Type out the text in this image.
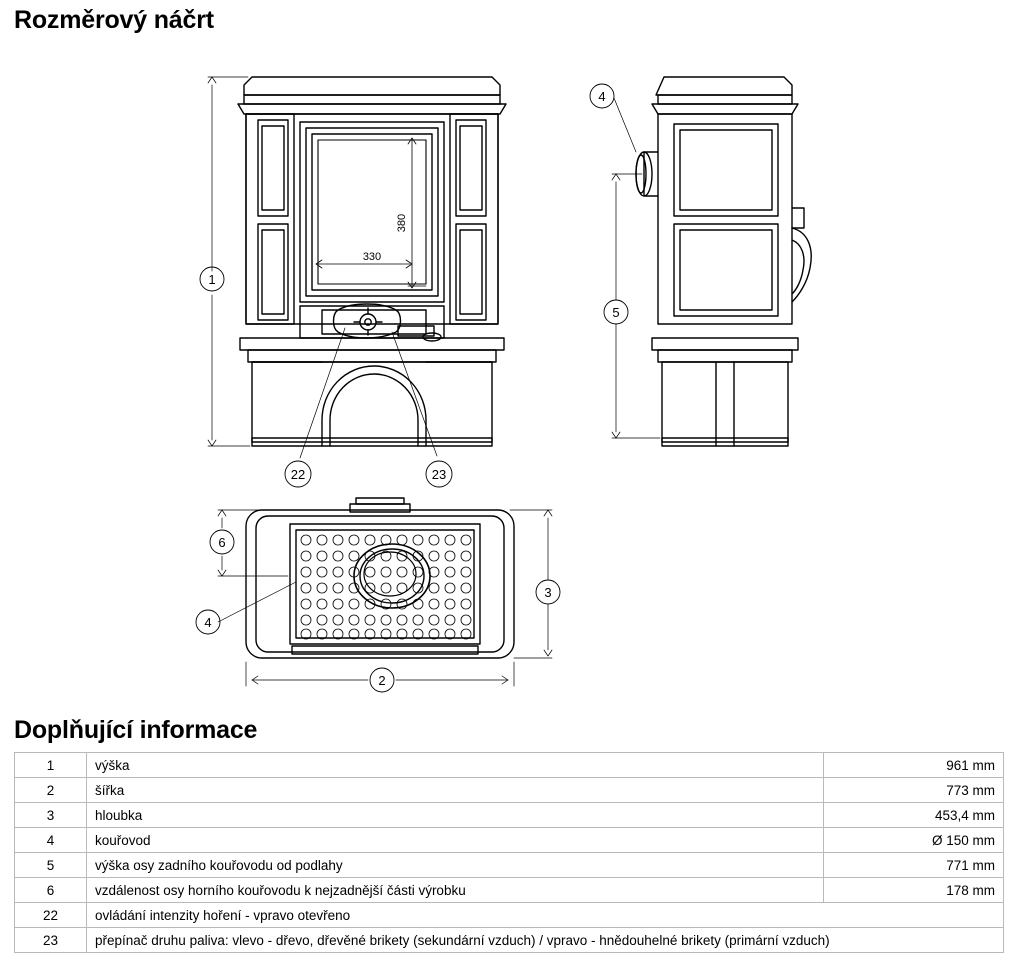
Rozměrový náčrt
380
330
1
22	23
5
4
6
4
3
2
Doplňující informace
1	výška	961 mm
2	šířka	773 mm
3	hloubka	453,4 mm
4	kouřovod	Ø 150 mm
5	výška osy zadního kouřovodu od podlahy	771 mm
6	vzdálenost osy horního kouřovodu k nejzadnější části výrobku	178 mm
22	ovládání intenzity hoření - vpravo otevřeno	
23	přepínač druhu paliva: vlevo - dřevo, dřevěné brikety (sekundární vzduch) / vpravo - hnědouhelné brikety (primární vzduch)	
